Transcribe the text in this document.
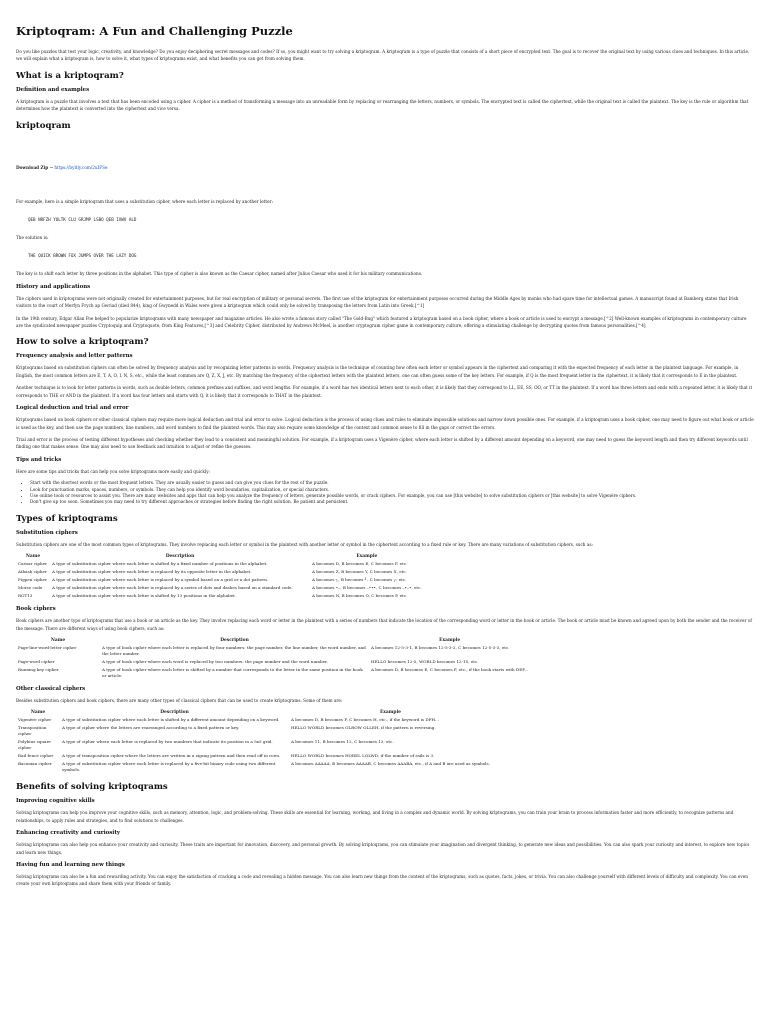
Kriptoqram: A Fun and Challenging Puzzle

Do you like puzzles that test your logic, creativity, and knowledge? Do you enjoy deciphering secret messages and codes? If so, you might want to try solving a kriptoqram. A kriptoqram is a type of puzzle that consists of a short piece of encrypted text. The goal is to recover the original text by using various clues and techniques. In this article, we will explain what a kriptoqram is, how to solve it, what types of kriptoqrams exist, and what benefits you can get from solving them.

What is a kriptoqram?
Definition and examples

A kriptoqram is a puzzle that involves a text that has been encoded using a cipher. A cipher is a method of transforming a message into an unreadable form by replacing or rearranging the letters, numbers, or symbols. The encrypted text is called the ciphertext, while the original text is called the plaintext. The key is the rule or algorithm that determines how the plaintext is converted into the ciphertext and vice versa.

kriptoqram
Download Zip → https://byltly.com/2uIFSe

For example, here is a simple kriptoqram that uses a substitution cipher, where each letter is replaced by another letter:

QEB NRFZH YOLTK CLU GRJMP LSBO QEB IXWV ALD

The solution is:

THE QUICK BROWN FOX JUMPS OVER THE LAZY DOG

The key is to shift each letter by three positions in the alphabet. This type of cipher is also known as the Caesar cipher, named after Julius Caesar who used it for his military communications.

History and applications

The ciphers used in kriptoqrams were not originally created for entertainment purposes, but for real encryption of military or personal secrets. The first use of the kriptoqram for entertainment purposes occurred during the Middle Ages by monks who had spare time for intellectual games. A manuscript found at Bamberg states that Irish visitors to the court of Merfyn Frych ap Gwriad (died 844), king of Gwynedd in Wales were given a kriptoqram which could only be solved by transposing the letters from Latin into Greek.[^1]

In the 19th century, Edgar Allan Poe helped to popularize kriptoqrams with many newspaper and magazine articles. He also wrote a famous story called "The Gold-Bug" which featured a kriptoqram based on a book cipher, where a book or article is used to encrypt a message.[^2] Well-known examples of kriptoqrams in contemporary culture are the syndicated newspaper puzzles Cryptoquip and Cryptoquote, from King Features,[^3] and Celebrity Cipher, distributed by Andrews McMeel, is another cryptogram cipher game in contemporary culture, offering a stimulating challenge by decrypting quotes from famous personalities.[^4]

How to solve a kriptoqram?
Frequency analysis and letter patterns

Kriptoqrams based on substitution ciphers can often be solved by frequency analysis and by recognizing letter patterns in words. Frequency analysis is the technique of counting how often each letter or symbol appears in the ciphertext and comparing it with the expected frequency of each letter in the plaintext language. For example, in English, the most common letters are E, T, A, O, I, N, S, etc., while the least common are Q, Z, X, J, etc. By matching the frequency of the ciphertext letters with the plaintext letters, one can often guess some of the key letters. For example, if Q is the most frequent letter in the ciphertext, it is likely that it corresponds to E in the plaintext.

Another technique is to look for letter patterns in words, such as double letters, common prefixes and suffixes, and word lengths. For example, if a word has two identical letters next to each other, it is likely that they correspond to LL, EE, SS, OO, or TT in the plaintext. If a word has three letters and ends with a repeated letter, it is likely that it corresponds to THE or AND in the plaintext. If a word has four letters and starts with Q, it is likely that it corresponds to THAT in the plaintext.

Logical deduction and trial and error

Kriptoqrams based on book ciphers or other classical ciphers may require more logical deduction and trial and error to solve. Logical deduction is the process of using clues and rules to eliminate impossible solutions and narrow down possible ones. For example, if a kriptoqram uses a book cipher, one may need to figure out what book or article is used as the key, and then use the page numbers, line numbers, and word numbers to find the plaintext words. This may also require some knowledge of the context and common sense to fill in the gaps or correct the errors.

Trial and error is the process of testing different hypotheses and checking whether they lead to a consistent and meaningful solution. For example, if a kriptoqram uses a Vigenère cipher, where each letter is shifted by a different amount depending on a keyword, one may need to guess the keyword length and then try different keywords until finding one that makes sense. One may also need to use feedback and intuition to adjust or refine the guesses.

Tips and tricks

Here are some tips and tricks that can help you solve kriptoqrams more easily and quickly:

• Start with the shortest words or the most frequent letters. They are usually easier to guess and can give you clues for the rest of the puzzle.
• Look for punctuation marks, spaces, numbers, or symbols. They can help you identify word boundaries, capitalization, or special characters.
• Use online tools or resources to assist you. There are many websites and apps that can help you analyze the frequency of letters, generate possible words, or crack ciphers. For example, you can use [this website] to solve substitution ciphers or [this website] to solve Vigenère ciphers.
• Don't give up too soon. Sometimes you may need to try different approaches or strategies before finding the right solution. Be patient and persistent.
Types of kriptoqrams
Substitution ciphers

Substitution ciphers are one of the most common types of kriptoqrams. They involve replacing each letter or symbol in the plaintext with another letter or symbol in the ciphertext according to a fixed rule or key. There are many variations of substitution ciphers, such as:

Name	Description	Example
Caesar cipher	A type of substitution cipher where each letter is shifted by a fixed number of positions in the alphabet.	A becomes D, B becomes E, C becomes F, etc.
Atbash cipher	A type of substitution cipher where each letter is replaced by its opposite letter in the alphabet.	A becomes Z, B becomes Y, C becomes X, etc.
Pigpen cipher	A type of substitution cipher where each letter is replaced by a symbol based on a grid or a dot pattern.	A becomes ┐, B becomes ┘, C becomes ┌, etc.
Morse code	A type of substitution cipher where each letter is replaced by a series of dots and dashes based on a standard code.	A becomes •–, B becomes –•••, C becomes –•–•, etc.
ROT13	A type of substitution cipher where each letter is shifted by 13 positions in the alphabet.	A becomes N, B becomes O, C becomes P, etc.
Book ciphers

Book ciphers are another type of kriptoqrams that use a book or an article as the key. They involve replacing each word or letter in the plaintext with a series of numbers that indicate the location of the corresponding word or letter in the book or article. The book or article must be known and agreed upon by both the sender and the receiver of the message. There are different ways of using book ciphers, such as:

Name	Description	Example
Page-line-word-letter cipher	A type of book cipher where each letter is replaced by four numbers: the page number, the line number, the word number, and the letter number.	A becomes 12-5-3-1, B becomes 12-5-3-2, C becomes 12-5-3-3, etc.
Page-word cipher	A type of book cipher where each word is replaced by two numbers: the page number and the word number.	HELLO becomes 12-5, WORLD becomes 12-15, etc.
Running key cipher	A type of book cipher where each letter is shifted by a number that corresponds to the letter in the same position in the book or article.	A becomes D, B becomes E, C becomes F, etc., if the book starts with DEF...
Other classical ciphers

Besides substitution ciphers and book ciphers, there are many other types of classical ciphers that can be used to create kriptoqrams. Some of them are:

Name	Description	Example
Vigenère cipher	A type of substitution cipher where each letter is shifted by a different amount depending on a keyword.	A becomes D, B becomes F, C becomes H, etc., if the keyword is DFH...
Transposition cipher	A type of cipher where the letters are rearranged according to a fixed pattern or key.	HELLO WORLD becomes OLROW OLLEH, if the pattern is reversing.
Polybius square cipher	A type of cipher where each letter is replaced by two numbers that indicate its position in a 5x5 grid.	A becomes 11, B becomes 12, C becomes 13, etc.
Rail fence cipher	A type of transposition cipher where the letters are written in a zigzag pattern and then read off in rows.	HELLO WORLD becomes HOREL LOLWD, if the number of rails is 3.
Baconian cipher	A type of substitution cipher where each letter is replaced by a five-bit binary code using two different symbols.	A becomes AAAAA, B becomes AAAAB, C becomes AAABA, etc., if A and B are used as symbols.
Benefits of solving kriptoqrams
Improving cognitive skills

Solving kriptoqrams can help you improve your cognitive skills, such as memory, attention, logic, and problem-solving. These skills are essential for learning, working, and living in a complex and dynamic world. By solving kriptoqrams, you can train your brain to process information faster and more efficiently, to recognize patterns and relationships, to apply rules and strategies, and to find solutions to challenges.

Enhancing creativity and curiosity

Solving kriptoqrams can also help you enhance your creativity and curiosity. These traits are important for innovation, discovery, and personal growth. By solving kriptoqrams, you can stimulate your imagination and divergent thinking, to generate new ideas and possibilities. You can also spark your curiosity and interest, to explore new topics and learn new things.

Having fun and learning new things

Solving kriptoqrams can also be a fun and rewarding activity. You can enjoy the satisfaction of cracking a code and revealing a hidden message. You can also learn new things from the content of the kriptoqrams, such as quotes, facts, jokes, or trivia. You can also challenge yourself with different levels of difficulty and complexity. You can even create your own kriptoqrams and share them with your friends or family.
